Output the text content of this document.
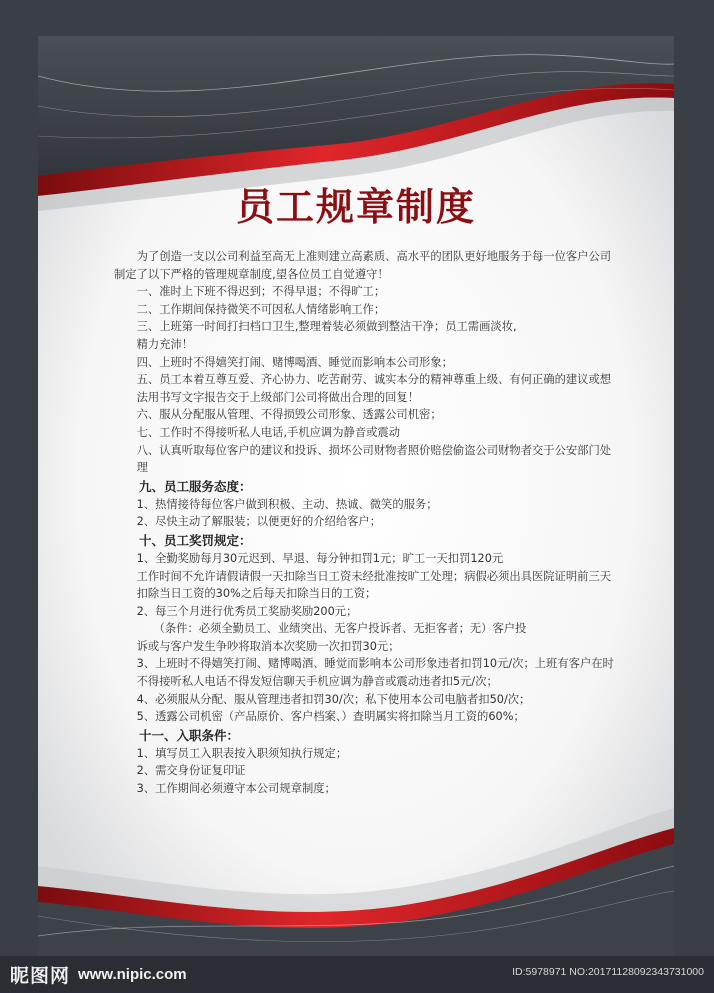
员工规章制度

为了创造一支以公司利益至高无上准则建立高素质、高水平的团队更好地服务于每一位客户公司制定了以下严格的管理规章制度,望各位员工自觉遵守！

一、准时上下班不得迟到；不得早退；不得旷工；

二、工作期间保持微笑不可因私人情绪影响工作；

三、上班第一时间打扫档口卫生,整理着装必须做到整洁干净；员工需画淡妆,

精力充沛！

四、上班时不得嬉笑打闹、赌博喝酒、睡觉而影响本公司形象；

五、员工本着互尊互爱、齐心协力、吃苦耐劳、诚实本分的精神尊重上级、有何正确的建议或想法用书写文字报告交于上级部门公司将做出合理的回复！

六、服从分配服从管理、不得损毁公司形象、透露公司机密；

七、工作时不得接听私人电话,手机应调为静音或震动

八、认真听取每位客户的建议和投诉、损坏公司财物者照价赔偿偷盗公司财物者交于公安部门处理

九、员工服务态度：

1、热情接待每位客户做到积极、主动、热诚、微笑的服务；

2、尽快主动了解服装；以便更好的介绍给客户；

十、员工奖罚规定：

1、全勤奖励每月30元迟到、早退、每分钟扣罚1元；旷工一天扣罚120元

工作时间不允许请假请假一天扣除当日工资未经批准按旷工处理；病假必须出具医院证明前三天扣除当日工资的30%之后每天扣除当日的工资；

2、每三个月进行优秀员工奖励奖励200元；

（条件：必须全勤员工、业绩突出、无客户投诉者、无拒客者；无）客户投

诉或与客户发生争吵将取消本次奖励一次扣罚30元；

3、上班时不得嬉笑打闹、赌博喝酒、睡觉而影响本公司形象违者扣罚10元/次；上班有客户在时不得接听私人电话不得发短信聊天手机应调为静音或震动违者扣5元/次；

4、必须服从分配、服从管理违者扣罚30/次；私下使用本公司电脑者扣50/次；

5、透露公司机密（产品原价、客户档案、）查明属实将扣除当月工资的60%；

十一、入职条件：

1、填写员工入职表按入职须知执行规定；

2、需交身份证复印证

3、工作期间必须遵守本公司规章制度；

昵图网 www.nipic.com	ID:5978971 NO:20171128092343731000
